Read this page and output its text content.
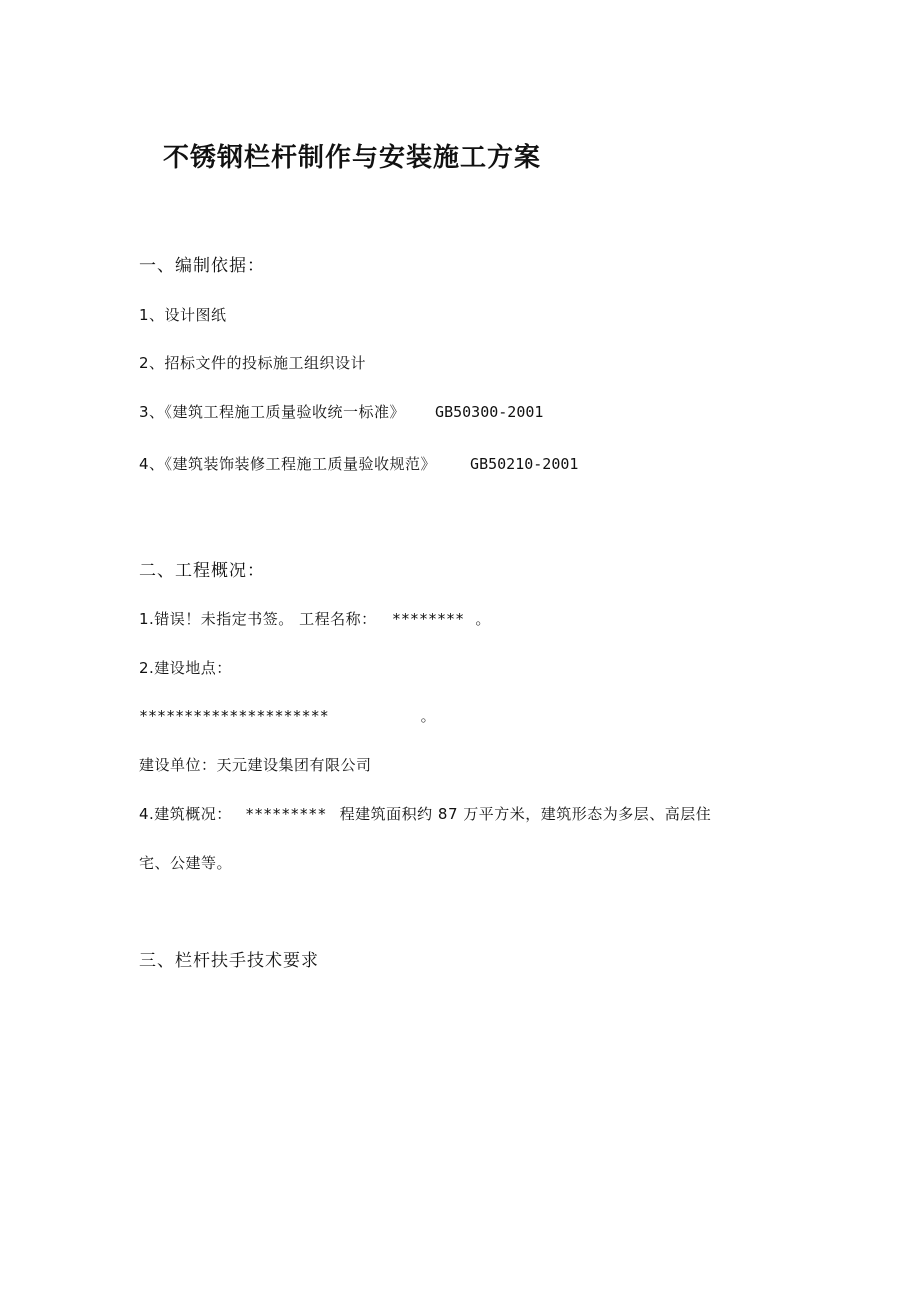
不锈钢栏杆制作与安装施工方案
一、编制依据：
1、设计图纸
2、招标文件的投标施工组织设计
3、《建筑工程施工质量验收统一标准》 GB50300-2001
4、《建筑装饰装修工程施工质量验收规范》 GB50210-2001
二、工程概况：
1.错误！未指定书签。 工程名称： ******** 。
2.建设地点：
*********************	。
建设单位：天元建设集团有限公司
4.建筑概况： ********* 程建筑面积约 87 万平方米，建筑形态为多层、高层住
宅、公建等。
三、栏杆扶手技术要求
